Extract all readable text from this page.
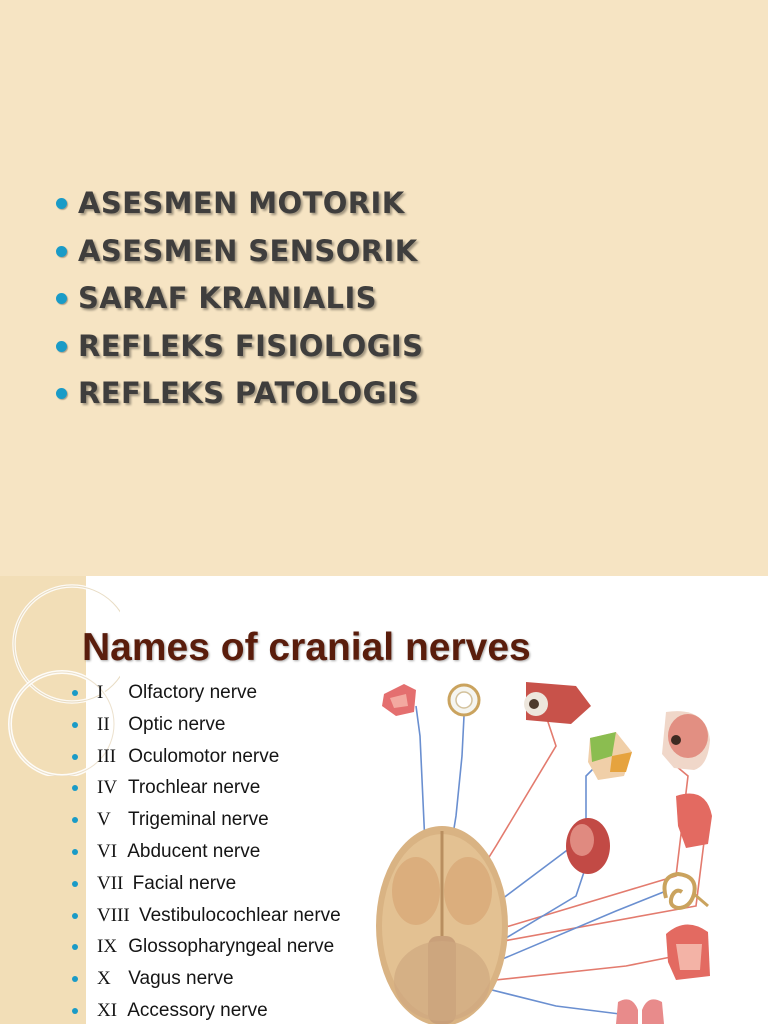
ASESMEN MOTORIK
ASESMEN SENSORIK
SARAF KRANIALIS
REFLEKS FISIOLOGIS
REFLEKS PATOLOGIS
Names of cranial nerves
I Olfactory nerve
II Optic nerve
III Oculomotor nerve
IV Trochlear nerve
V Trigeminal nerve
VI Abducent nerve
VII Facial nerve
VIII Vestibulocochlear nerve
IX Glossopharyngeal nerve
X Vagus nerve
XI Accessory nerve
